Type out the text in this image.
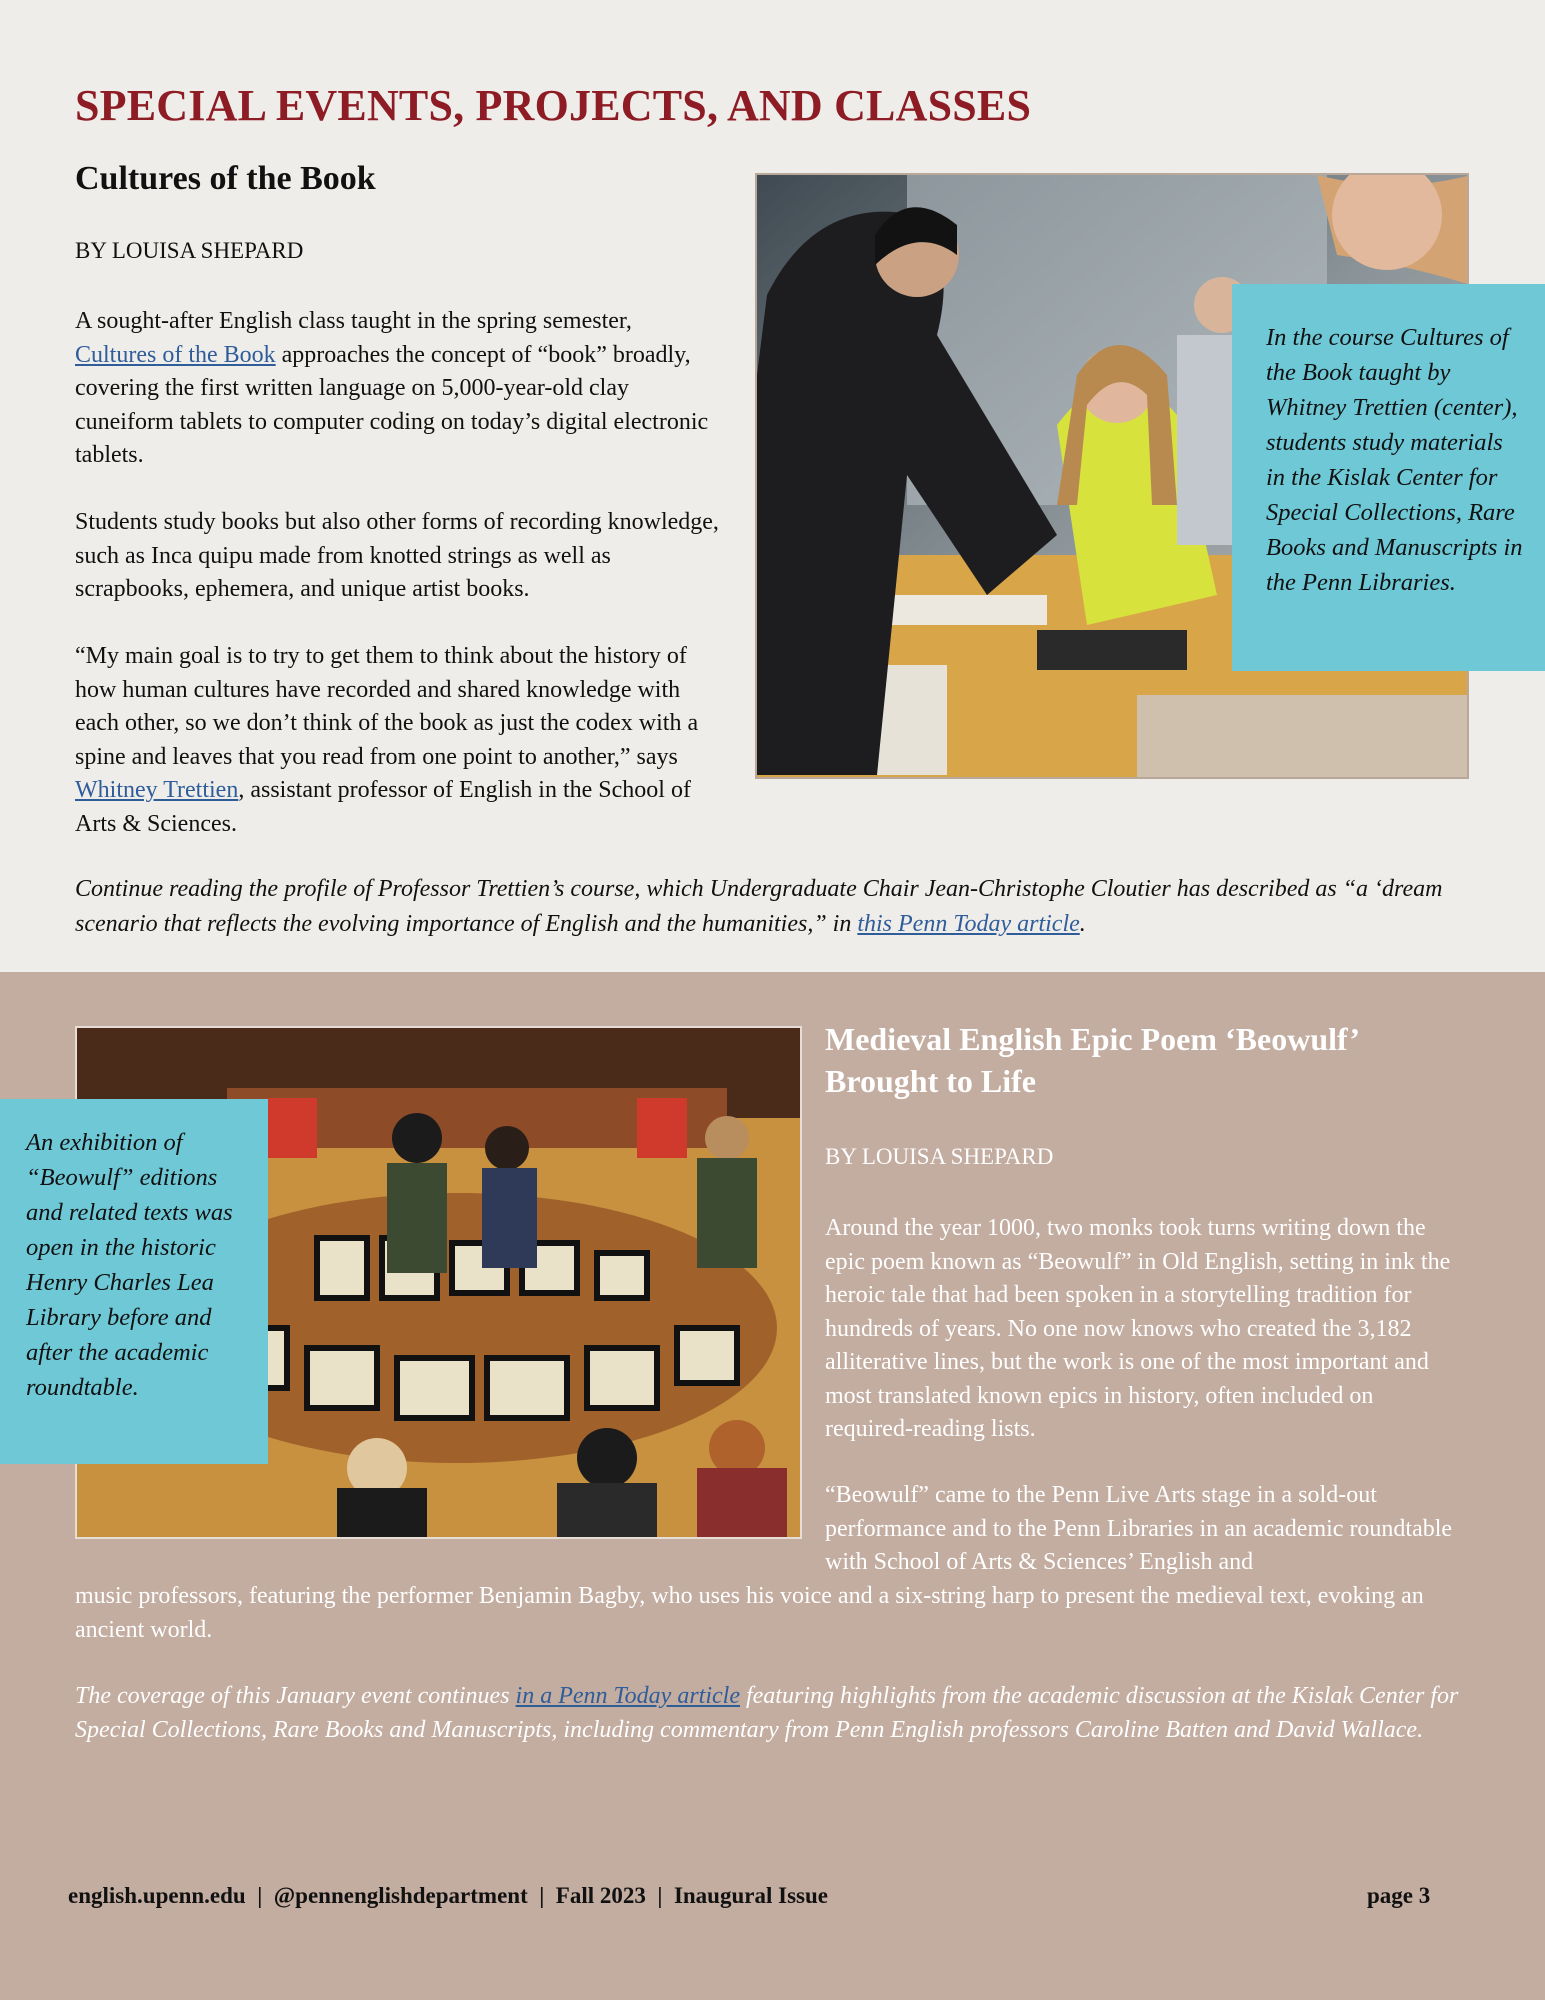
SPECIAL EVENTS, PROJECTS, AND CLASSES
Cultures of the Book
BY LOUISA SHEPARD
A sought-after English class taught in the spring semester,
Cultures of the Book approaches the concept of “book” broadly, covering the first written language on 5,000-year-old clay cuneiform tablets to computer coding on today’s digital electronic tablets.
Students study books but also other forms of recording knowledge, such as Inca quipu made from knotted strings as well as scrapbooks, ephemera, and unique artist books.
“My main goal is to try to get them to think about the history of how human cultures have recorded and shared knowledge with each other, so we don’t think of the book as just the codex with a spine and leaves that you read from one point to another,” says Whitney Trettien, assistant professor of English in the School of Arts & Sciences.
Continue reading the profile of Professor Trettien’s course, which Undergraduate Chair Jean-Christophe Cloutier has described as “a ‘dream scenario that reflects the evolving importance of English and the humanities,” in this Penn Today article.
In the course Cultures of the Book taught by Whitney Trettien (center), students study materials in the Kislak Center for Special Collections, Rare Books and Manuscripts in the Penn Libraries.
An exhibition of “Beowulf” editions and related texts was open in the historic Henry Charles Lea Library before and after the academic roundtable.
Medieval English Epic Poem ‘Beowulf’ Brought to Life
BY LOUISA SHEPARD
Around the year 1000, two monks took turns writing down the epic poem known as “Beowulf” in Old English, setting in ink the heroic tale that had been spoken in a storytelling tradition for hundreds of years. No one now knows who created the 3,182 alliterative lines, but the work is one of the most important and most translated known epics in history, often included on required-reading lists.
“Beowulf” came to the Penn Live Arts stage in a sold-out performance and to the Penn Libraries in an academic roundtable with School of Arts & Sciences’ English and
music professors, featuring the performer Benjamin Bagby, who uses his voice and a six-string harp to present the medieval text, evoking an ancient world.
The coverage of this January event continues in a Penn Today article featuring highlights from the academic discussion at the Kislak Center for Special Collections, Rare Books and Manuscripts, including commentary from Penn English professors Caroline Batten and David Wallace.
english.upenn.edu  |  @pennenglishdepartment  |  Fall 2023  |  Inaugural Issue	page 3
